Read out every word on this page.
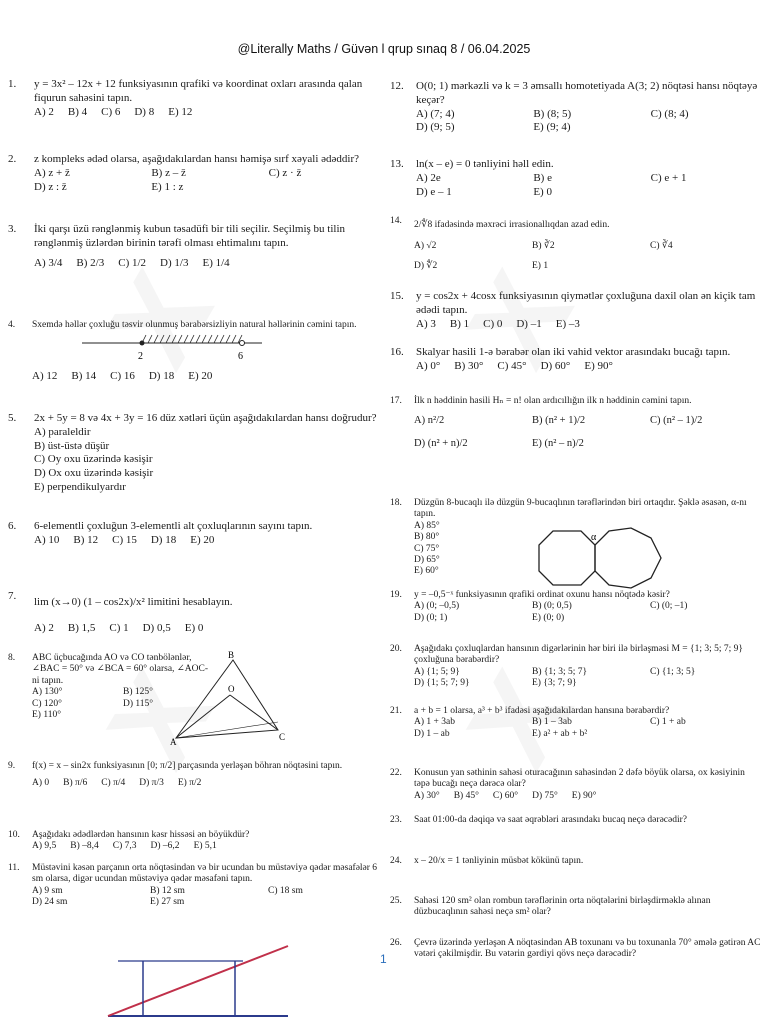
@Literally Maths / Güvən l qrup sınaq 8 / 06.04.2025
1.	y = 3x² – 12x + 12 funksiyasının qrafiki və koordinat oxları arasında qalan fiqurun sahəsini tapın.
A) 2 B) 4 C) 6 D) 8 E) 12
2.	z kompleks ədəd olarsa, aşağıdakılardan hansı həmişə sırf xəyali ədəddir?
A) z + z̄	B) z – z̄	C) z · z̄
D) z : z̄	E) 1 : z
3.	İki qarşı üzü rənglənmiş kubun təsadüfi bir tili seçilir. Seçilmiş bu tilin rənglənmiş üzlərdən birinin tərəfi olması ehtimalını tapın.
A) 3/4 B) 2/3 C) 1/2 D) 1/3 E) 1/4
4.	Sxemdə həllər çoxluğu təsvir olunmuş bərabərsizliyin natural həllərinin cəmini tapın.
2	6
A) 12 B) 14 C) 16 D) 18 E) 20
5.	2x + 5y = 8 və 4x + 3y = 16 düz xətləri üçün aşağıdakılardan hansı doğrudur?
A) paraleldir
B) üst-üstə düşür
C) Oy oxu üzərində kəsişir
D) Ox oxu üzərində kəsişir
E) perpendikulyardır
6.	6-elementli çoxluğun 3-elementli alt çoxluqlarının sayını tapın.
A) 10 B) 12 C) 15 D) 18 E) 20
7.	lim (x→0) (1 – cos2x)/x² limitini hesablayın.
A) 2 B) 1,5 C) 1 D) 0,5 E) 0
8.	ABC üçbucağında AO və CO tənbölənlər, ∠BAC = 50° və ∠BCA = 60° olarsa, ∠AOC-ni tapın.
A) 130°	B) 125°
C) 120°	D) 115°
E) 110°
B
O
C
A
9.	f(x) = x – sin2x funksiyasının [0; π/2] parçasında yerləşən böhran nöqtəsini tapın.
A) 0 B) π/6 C) π/4 D) π/3 E) π/2
10.	Aşağıdakı ədədlərdən hansının kəsr hissəsi ən böyükdür?
A) 9,5 B) –8,4 C) 7,3 D) –6,2 E) 5,1
11.	Müstəvini kəsən parçanın orta nöqtəsindən və bir ucundan bu müstəviyə qədər məsafələr 6 sm olarsa, digər ucundan müstəviyə qədər məsafəni tapın.
A) 9 sm	B) 12 sm	C) 18 sm
D) 24 sm	E) 27 sm
12.	O(0; 1) mərkəzli və k = 3 əmsallı homotetiyada A(3; 2) nöqtəsi hansı nöqtəyə keçər?
A) (7; 4)	B) (8; 5)	C) (8; 4)
D) (9; 5)	E) (9; 4)
13.	ln(x – e) = 0 tənliyini həll edin.
A) 2e	B) e	C) e + 1
D) e – 1	E) 0
14.	2/∜8 ifadəsində məxrəci irrasionallıqdan azad edin.
A) √2	B) ∛2	C) ∛4
D) ∜2	E) 1
15.	y = cos2x + 4cosx funksiyasının qiymətlər çoxluğuna daxil olan ən kiçik tam ədədi tapın.
A) 3 B) 1 C) 0 D) –1 E) –3
16.	Skalyar hasili 1-ə bərabər olan iki vahid vektor arasındakı bucağı tapın.
A) 0° B) 30° C) 45° D) 60° E) 90°
17.	İlk n həddinin hasili Hₙ = n! olan ardıcıllığın ilk n həddinin cəmini tapın.
A) n²/2	B) (n² + 1)/2	C) (n² – 1)/2
D) (n² + n)/2	E) (n² – n)/2
18.	Düzgün 8-bucaqlı ilə düzgün 9-bucaqlının tərəflərindən biri ortaqdır. Şəklə əsasən, α-nı tapın.
A) 85°
B) 80°
C) 75°
D) 65°
E) 60°
α
19.	y = –0,5⁻ˣ funksiyasının qrafiki ordinat oxunu hansı nöqtədə kəsir?
A) (0; –0,5)	B) (0; 0,5)	C) (0; –1)
D) (0; 1)	E) (0; 0)
20.	Aşağıdakı çoxluqlardan hansının digərlərinin hər biri ilə birləşməsi M = {1; 3; 5; 7; 9} çoxluğuna bərabərdir?
A) {1; 5; 9}	B) {1; 3; 5; 7}	C) {1; 3; 5}
D) {1; 5; 7; 9}	E) {3; 7; 9}
21.	a + b = 1 olarsa, a³ + b³ ifadəsi aşağıdakılardan hansına bərabərdir?
A) 1 + 3ab	B) 1 – 3ab	C) 1 + ab
D) 1 – ab	E) a² + ab + b²
22.	Konusun yan səthinin sahəsi oturacağının sahəsindən 2 dəfə böyük olarsa, ox kəsiyinin təpə bucağı neçə dərəcə olar?
A) 30° B) 45° C) 60° D) 75° E) 90°
23.	Saat 01:00-da dəqiqə və saat əqrəbləri arasındakı bucaq neçə dərəcədir?
24.	x – 20/x = 1 tənliyinin müsbət kökünü tapın.
25.	Sahəsi 120 sm² olan rombun tərəflərinin orta nöqtələrini birləşdirməklə alınan düzbucaqlının sahəsi neçə sm² olar?
26.	Çevrə üzərində yerləşən A nöqtəsindən AB toxunanı və bu toxunanla 70° əmələ gətirən AC vətəri çəkilmişdir. Bu vətərin gərdiyi qövs neçə dərəcədir?
1
